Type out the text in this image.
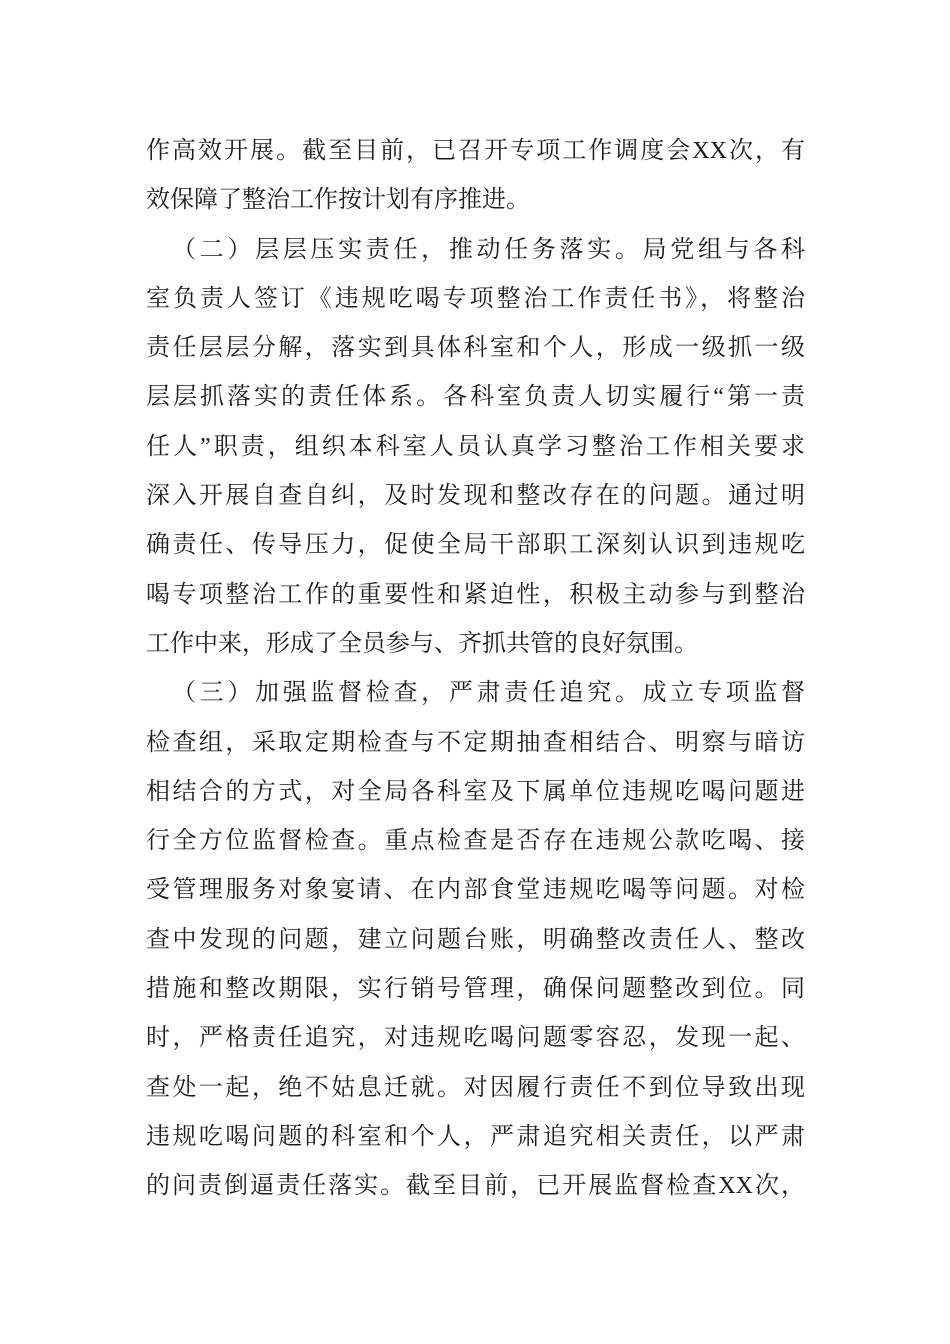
作高效开展。截至目前，已召开专项工作调度会XX次，有
效保障了整治工作按计划有序推进。
（二）层层压实责任，推动任务落实。局党组与各科
室负责人签订《违规吃喝专项整治工作责任书》，将整治
责任层层分解，落实到具体科室和个人，形成一级抓一级
层层抓落实的责任体系。各科室负责人切实履行“第一责
任人”职责，组织本科室人员认真学习整治工作相关要求
深入开展自查自纠，及时发现和整改存在的问题。通过明
确责任、传导压力，促使全局干部职工深刻认识到违规吃
喝专项整治工作的重要性和紧迫性，积极主动参与到整治
工作中来，形成了全员参与、齐抓共管的良好氛围。
（三）加强监督检查，严肃责任追究。成立专项监督
检查组，采取定期检查与不定期抽查相结合、明察与暗访
相结合的方式，对全局各科室及下属单位违规吃喝问题进
行全方位监督检查。重点检查是否存在违规公款吃喝、接
受管理服务对象宴请、在内部食堂违规吃喝等问题。对检
查中发现的问题，建立问题台账，明确整改责任人、整改
措施和整改期限，实行销号管理，确保问题整改到位。同
时，严格责任追究，对违规吃喝问题零容忍，发现一起、
查处一起，绝不姑息迁就。对因履行责任不到位导致出现
违规吃喝问题的科室和个人，严肃追究相关责任，以严肃
的问责倒逼责任落实。截至目前，已开展监督检查XX次，
